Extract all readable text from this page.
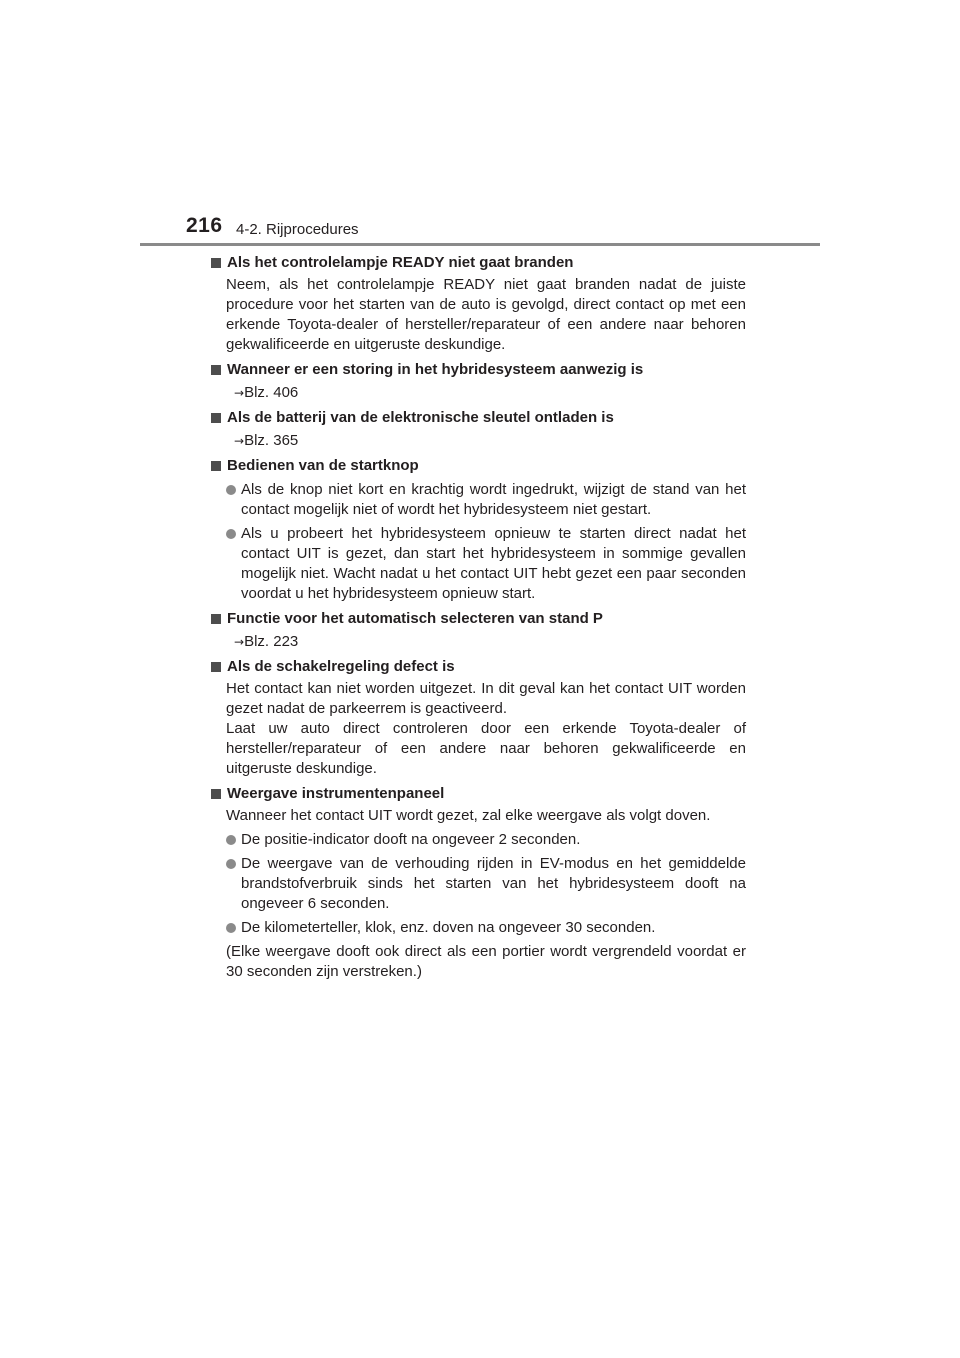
216 4-2. Rijprocedures
Als het controlelampje READY niet gaat branden
Neem, als het controlelampje READY niet gaat branden nadat de juiste procedure voor het starten van de auto is gevolgd, direct contact op met een erkende Toyota-dealer of hersteller/reparateur of een andere naar behoren gekwalificeerde en uitgeruste deskundige.
Wanneer er een storing in het hybridesysteem aanwezig is
→Blz. 406
Als de batterij van de elektronische sleutel ontladen is
→Blz. 365
Bedienen van de startknop
Als de knop niet kort en krachtig wordt ingedrukt, wijzigt de stand van het contact mogelijk niet of wordt het hybridesysteem niet gestart.
Als u probeert het hybridesysteem opnieuw te starten direct nadat het contact UIT is gezet, dan start het hybridesysteem in sommige gevallen mogelijk niet. Wacht nadat u het contact UIT hebt gezet een paar seconden voordat u het hybridesysteem opnieuw start.
Functie voor het automatisch selecteren van stand P
→Blz. 223
Als de schakelregeling defect is
Het contact kan niet worden uitgezet. In dit geval kan het contact UIT worden gezet nadat de parkeerrem is geactiveerd.
Laat uw auto direct controleren door een erkende Toyota-dealer of hersteller/reparateur of een andere naar behoren gekwalificeerde en uitgeruste deskundige.
Weergave instrumentenpaneel
Wanneer het contact UIT wordt gezet, zal elke weergave als volgt doven.
De positie-indicator dooft na ongeveer 2 seconden.
De weergave van de verhouding rijden in EV-modus en het gemiddelde brandstofverbruik sinds het starten van het hybridesysteem dooft na ongeveer 6 seconden.
De kilometerteller, klok, enz. doven na ongeveer 30 seconden.
(Elke weergave dooft ook direct als een portier wordt vergrendeld voordat er 30 seconden zijn verstreken.)
